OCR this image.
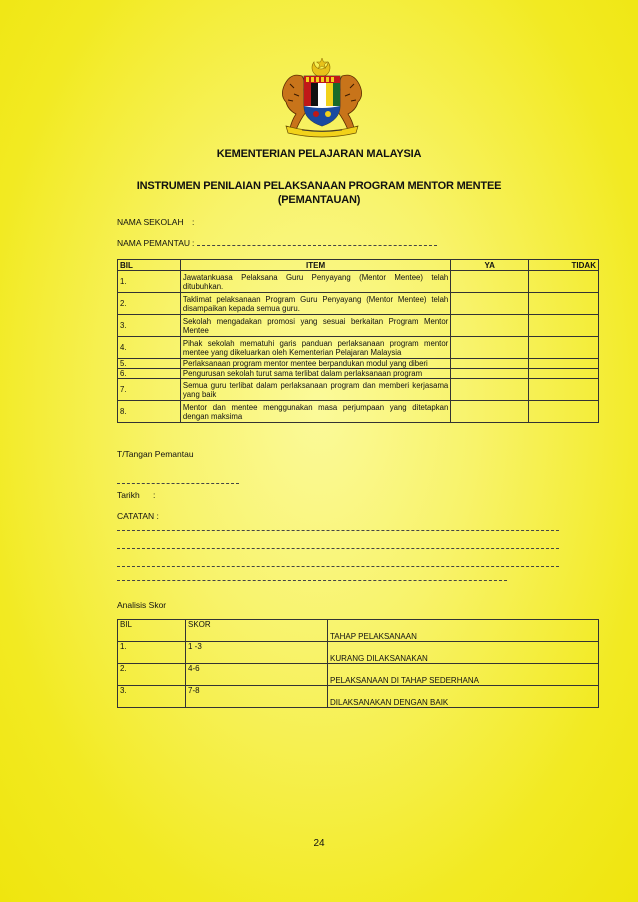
KEMENTERIAN PELAJARAN MALAYSIA
INSTRUMEN PENILAIAN PELAKSANAAN PROGRAM MENTOR MENTEE
(PEMANTAUAN)
NAMA SEKOLAH :
NAMA PEMANTAU :
BIL	ITEM	YA	TIDAK
1.	Jawatankuasa Pelaksana Guru Penyayang (Mentor Mentee) telah ditubuhkan.		
2.	Taklimat pelaksanaan Program Guru Penyayang (Mentor Mentee) telah disampaikan kepada semua guru.		
3.	Sekolah mengadakan promosi yang sesuai berkaitan Program Mentor Mentee		
4.	Pihak sekolah mematuhi garis panduan perlaksanaan program mentor mentee yang dikeluarkan oleh Kementerian Pelajaran Malaysia		
5.	Perlaksanaan program mentor mentee berpandukan modul yang diberi		
6.	Pengurusan sekolah turut sama terlibat dalam perlaksanaan program		
7.	Semua guru terlibat dalam perlaksanaan program dan memberi kerjasama yang baik		
8.	Mentor dan mentee menggunakan masa perjumpaan yang ditetapkan dengan maksima		
T/Tangan Pemantau
Tarikh :
CATATAN :
Analisis Skor
BIL	SKOR	TAHAP PELAKSANAAN
1.	1 -3	KURANG DILAKSANAKAN
2.	4-6	PELAKSANAAN DI TAHAP SEDERHANA
3.	7-8	DILAKSANAKAN DENGAN BAIK
24
